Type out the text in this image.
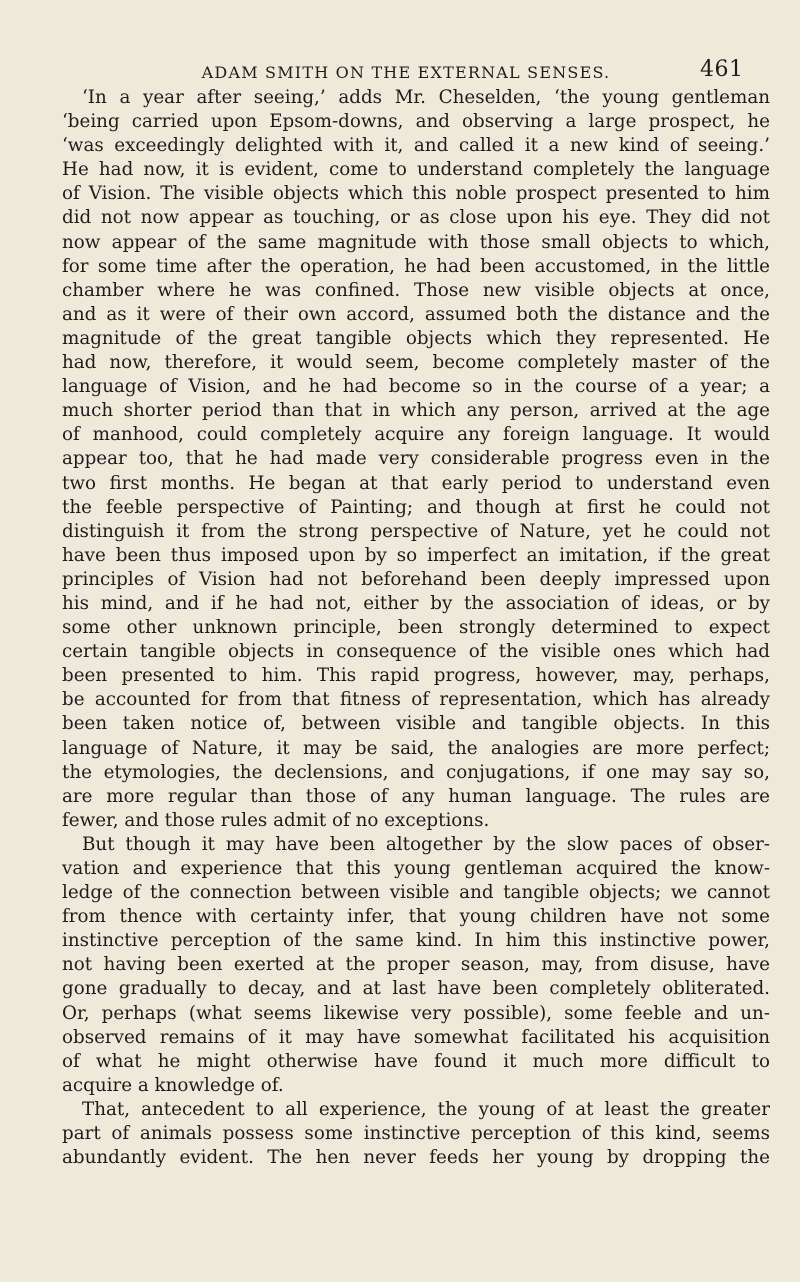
ADAM SMITH ON THE EXTERNAL SENSES.	461
‘In a year after seeing,’ adds Mr. Cheselden, ‘the young gentleman
‘being carried upon Epsom-downs, and observing a large prospect, he
‘was exceedingly delighted with it, and called it a new kind of seeing.’
He had now, it is evident, come to understand completely the language
of Vision. The visible objects which this noble prospect presented to him
did not now appear as touching, or as close upon his eye. They did not
now appear of the same magnitude with those small objects to which,
for some time after the operation, he had been accustomed, in the little
chamber where he was confined. Those new visible objects at once,
and as it were of their own accord, assumed both the distance and the
magnitude of the great tangible objects which they represented. He
had now, therefore, it would seem, become completely master of the
language of Vision, and he had become so in the course of a year; a
much shorter period than that in which any person, arrived at the age
of manhood, could completely acquire any foreign language. It would
appear too, that he had made very considerable progress even in the
two first months. He began at that early period to understand even
the feeble perspective of Painting; and though at first he could not
distinguish it from the strong perspective of Nature, yet he could not
have been thus imposed upon by so imperfect an imitation, if the great
principles of Vision had not beforehand been deeply impressed upon
his mind, and if he had not, either by the association of ideas, or by
some other unknown principle, been strongly determined to expect
certain tangible objects in consequence of the visible ones which had
been presented to him. This rapid progress, however, may, perhaps,
be accounted for from that fitness of representation, which has already
been taken notice of, between visible and tangible objects. In this
language of Nature, it may be said, the analogies are more perfect;
the etymologies, the declensions, and conjugations, if one may say so,
are more regular than those of any human language. The rules are
fewer, and those rules admit of no exceptions.
But though it may have been altogether by the slow paces of obser-
vation and experience that this young gentleman acquired the know-
ledge of the connection between visible and tangible objects; we cannot
from thence with certainty infer, that young children have not some
instinctive perception of the same kind. In him this instinctive power,
not having been exerted at the proper season, may, from disuse, have
gone gradually to decay, and at last have been completely obliterated.
Or, perhaps (what seems likewise very possible), some feeble and un-
observed remains of it may have somewhat facilitated his acquisition
of what he might otherwise have found it much more difficult to
acquire a knowledge of.
That, antecedent to all experience, the young of at least the greater
part of animals possess some instinctive perception of this kind, seems
abundantly evident. The hen never feeds her young by dropping the
